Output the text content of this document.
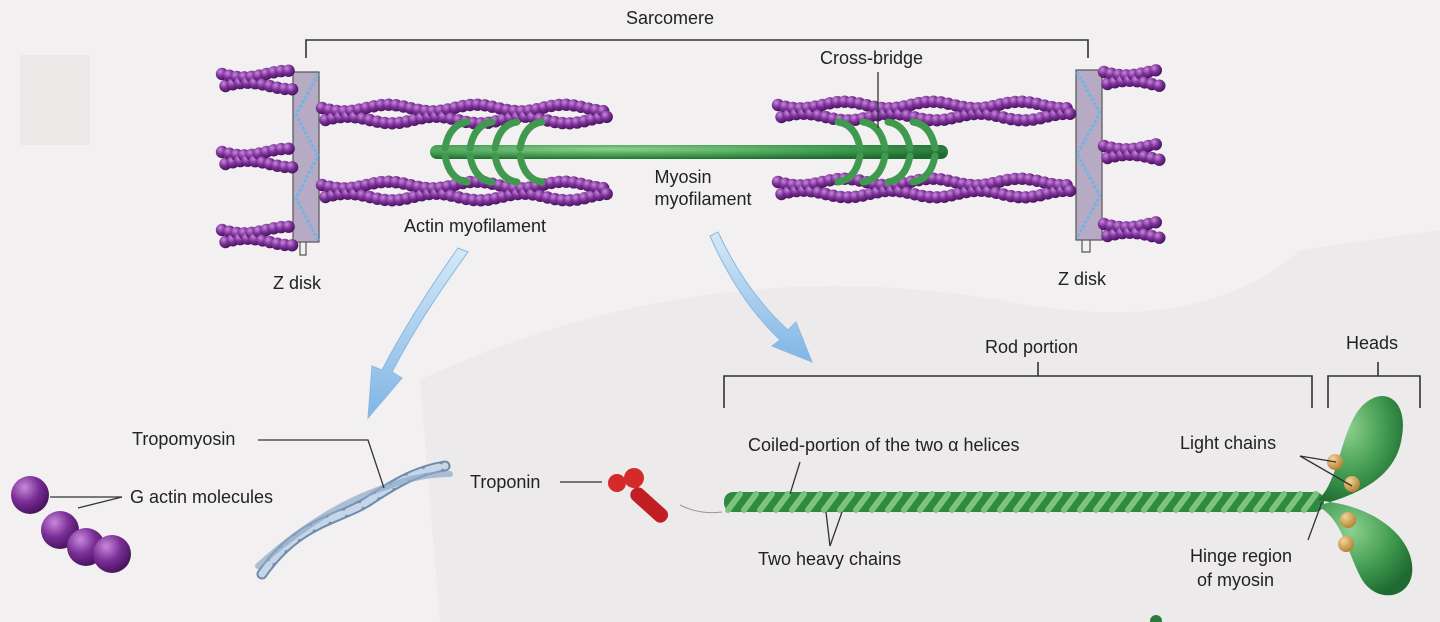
Sarcomere
Cross-bridge
Myosin
myofilament
Actin myofilament
Z disk	Z disk
Rod portion	Heads
Coiled-portion of the two α helices	Light chains
Tropomyosin
G actin molecules
Troponin
Two heavy chains	Hinge region
of myosin
